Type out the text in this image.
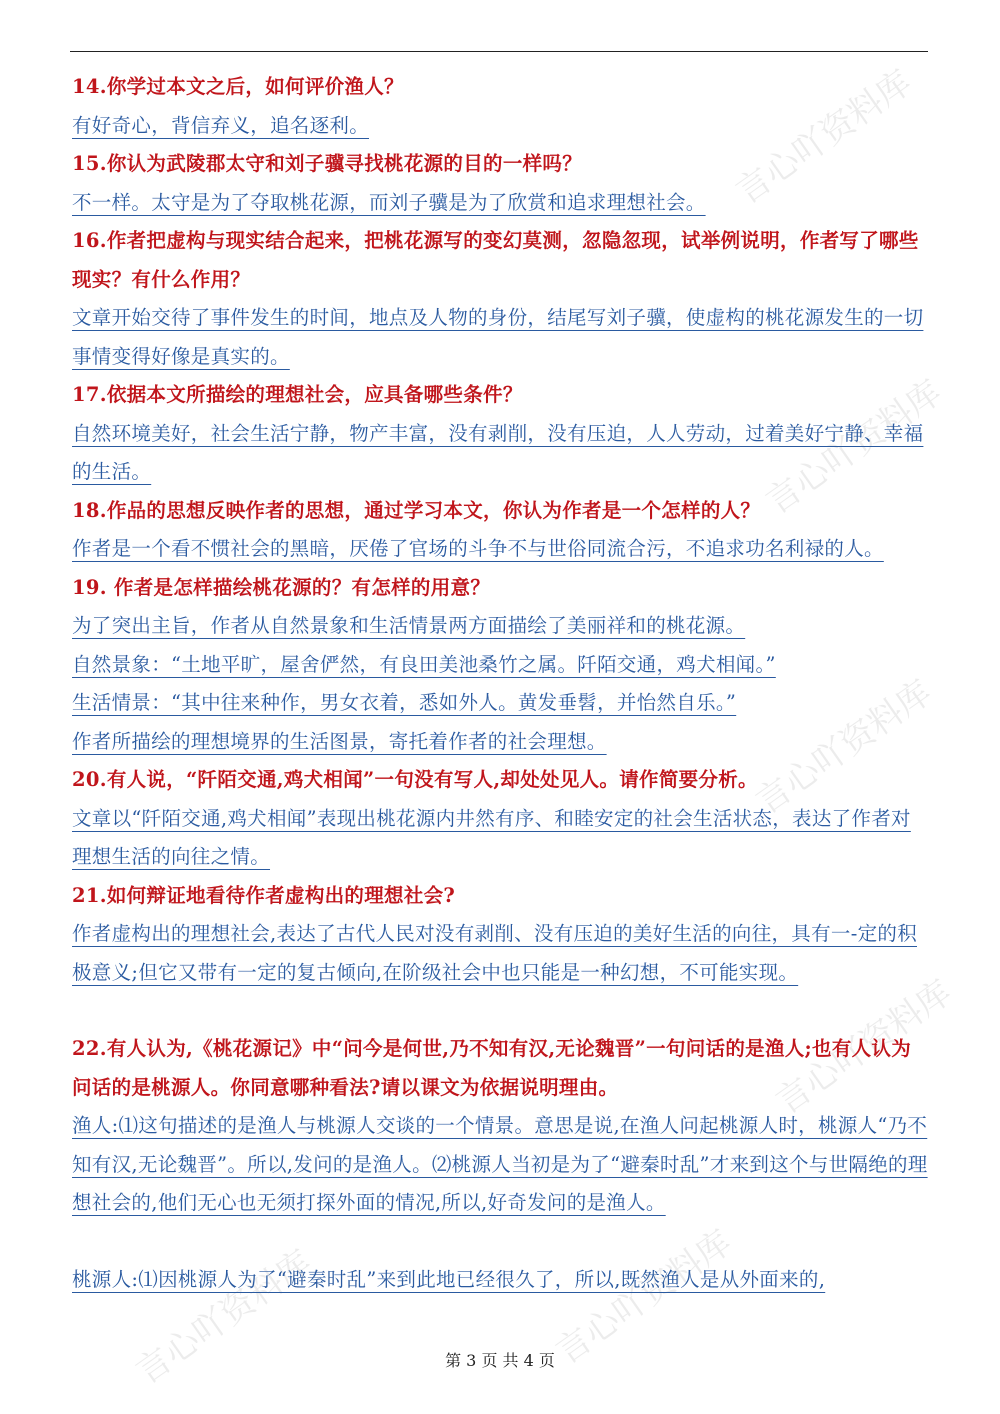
言心吖资料库
言心吖资料库
言心吖资料库
言心吖资料库
言心吖资料库	言心吖资料库

14.你学过本文之后，如何评价渔人？

有好奇心，背信弃义，追名逐利。

15.你认为武陵郡太守和刘子骥寻找桃花源的目的一样吗？

不一样。太守是为了夺取桃花源，而刘子骥是为了欣赏和追求理想社会。

16.作者把虚构与现实结合起来，把桃花源写的变幻莫测，忽隐忽现，试举例说明，作者写了哪些现实？有什么作用？

文章开始交待了事件发生的时间，地点及人物的身份，结尾写刘子骥，使虚构的桃花源发生的一切事情变得好像是真实的。

17.依据本文所描绘的理想社会，应具备哪些条件？

自然环境美好，社会生活宁静，物产丰富，没有剥削，没有压迫，人人劳动，过着美好宁静、幸福的生活。

18.作品的思想反映作者的思想，通过学习本文，你认为作者是一个怎样的人？

作者是一个看不惯社会的黑暗，厌倦了官场的斗争不与世俗同流合污，不追求功名利禄的人。

19. 作者是怎样描绘桃花源的？有怎样的用意？

为了突出主旨，作者从自然景象和生活情景两方面描绘了美丽祥和的桃花源。

自然景象：“土地平旷，屋舍俨然，有良田美池桑竹之属。阡陌交通，鸡犬相闻。”

生活情景：“其中往来种作，男女衣着，悉如外人。黄发垂髫，并怡然自乐。”

作者所描绘的理想境界的生活图景，寄托着作者的社会理想。

20.有人说，“阡陌交通,鸡犬相闻”一句没有写人,却处处见人。请作简要分析。

文章以“阡陌交通,鸡犬相闻”表现出桃花源内井然有序、和睦安定的社会生活状态，表达了作者对理想生活的向往之情。

21.如何辩证地看待作者虚构出的理想社会?

作者虚构出的理想社会,表达了古代人民对没有剥削、没有压迫的美好生活的向往，具有一-定的积极意义;但它又带有一定的复古倾向,在阶级社会中也只能是一种幻想，不可能实现。

22.有人认为,《桃花源记》中“问今是何世,乃不知有汉,无论魏晋”一句问话的是渔人;也有人认为问话的是桃源人。你同意哪种看法?请以课文为依据说明理由。

渔人:⑴这句描述的是渔人与桃源人交谈的一个情景。意思是说,在渔人问起桃源人时，桃源人“乃不知有汉,无论魏晋”。所以,发问的是渔人。⑵桃源人当初是为了“避秦时乱”才来到这个与世隔绝的理想社会的,他们无心也无须打探外面的情况,所以,好奇发问的是渔人。

桃源人:⑴因桃源人为了“避秦时乱”来到此地已经很久了，所以,既然渔人是从外面来的,

第 3 页 共 4 页
